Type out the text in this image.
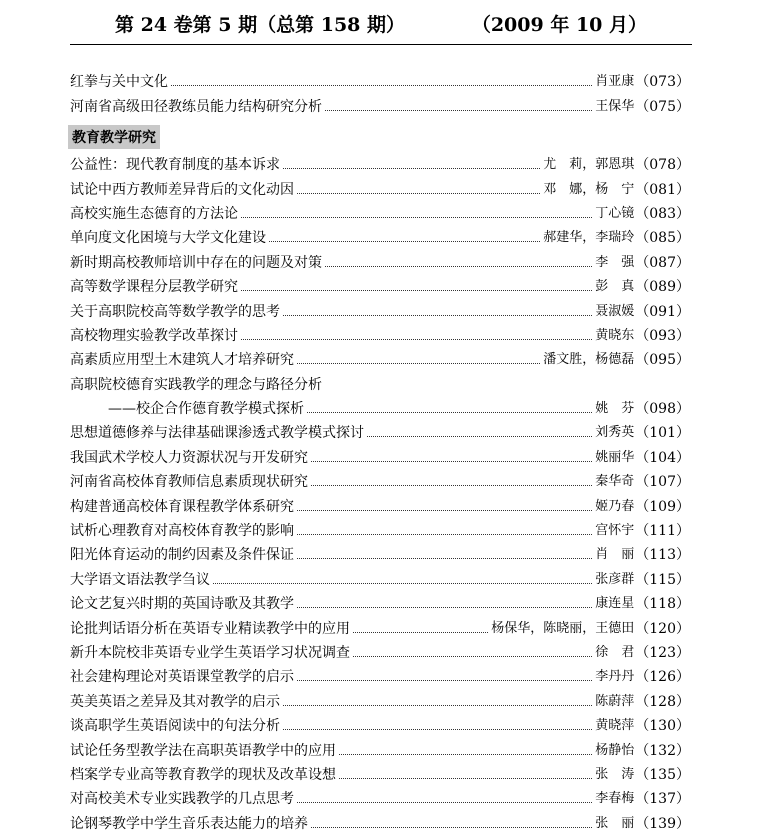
第 24 卷第 5 期（总第 158 期）	（2009 年 10 月）
红拳与关中文化	肖亚康 （073）
河南省高级田径教练员能力结构研究分析	王保华 （075）
教育教学研究
公益性：现代教育制度的基本诉求	尤　莉，郭恩琪 （078）
试论中西方教师差异背后的文化动因	邓　娜，杨　宁 （081）
高校实施生态德育的方法论	丁心镜 （083）
单向度文化困境与大学文化建设	郝建华，李瑞玲 （085）
新时期高校教师培训中存在的问题及对策	李　强 （087）
高等数学课程分层教学研究	彭　真 （089）
关于高职院校高等数学教学的思考	聂淑媛 （091）
高校物理实验教学改革探讨	黄晓东 （093）
高素质应用型土木建筑人才培养研究	潘文胜，杨德磊 （095）
高职院校德育实践教学的理念与路径分析
——校企合作德育教学模式探析	姚　芬 （098）
思想道德修养与法律基础课渗透式教学模式探讨	刘秀英 （101）
我国武术学校人力资源状况与开发研究	姚丽华 （104）
河南省高校体育教师信息素质现状研究	秦华奇 （107）
构建普通高校体育课程教学体系研究	姬乃春 （109）
试析心理教育对高校体育教学的影响	宫怀宇 （111）
阳光体育运动的制约因素及条件保证	肖　丽 （113）
大学语文语法教学刍议	张彦群 （115）
论文艺复兴时期的英国诗歌及其教学	康连星 （118）
论批判话语分析在英语专业精读教学中的应用	杨保华，陈晓丽，王德田 （120）
新升本院校非英语专业学生英语学习状况调查	徐　君 （123）
社会建构理论对英语课堂教学的启示	李丹丹 （126）
英美英语之差异及其对教学的启示	陈蔚萍 （128）
谈高职学生英语阅读中的句法分析	黄晓萍 （130）
试论任务型教学法在高职英语教学中的应用	杨静怡 （132）
档案学专业高等教育教学的现状及改革设想	张　涛 （135）
对高校美术专业实践教学的几点思考	李春梅 （137）
论钢琴教学中学生音乐表达能力的培养	张　丽 （139）
